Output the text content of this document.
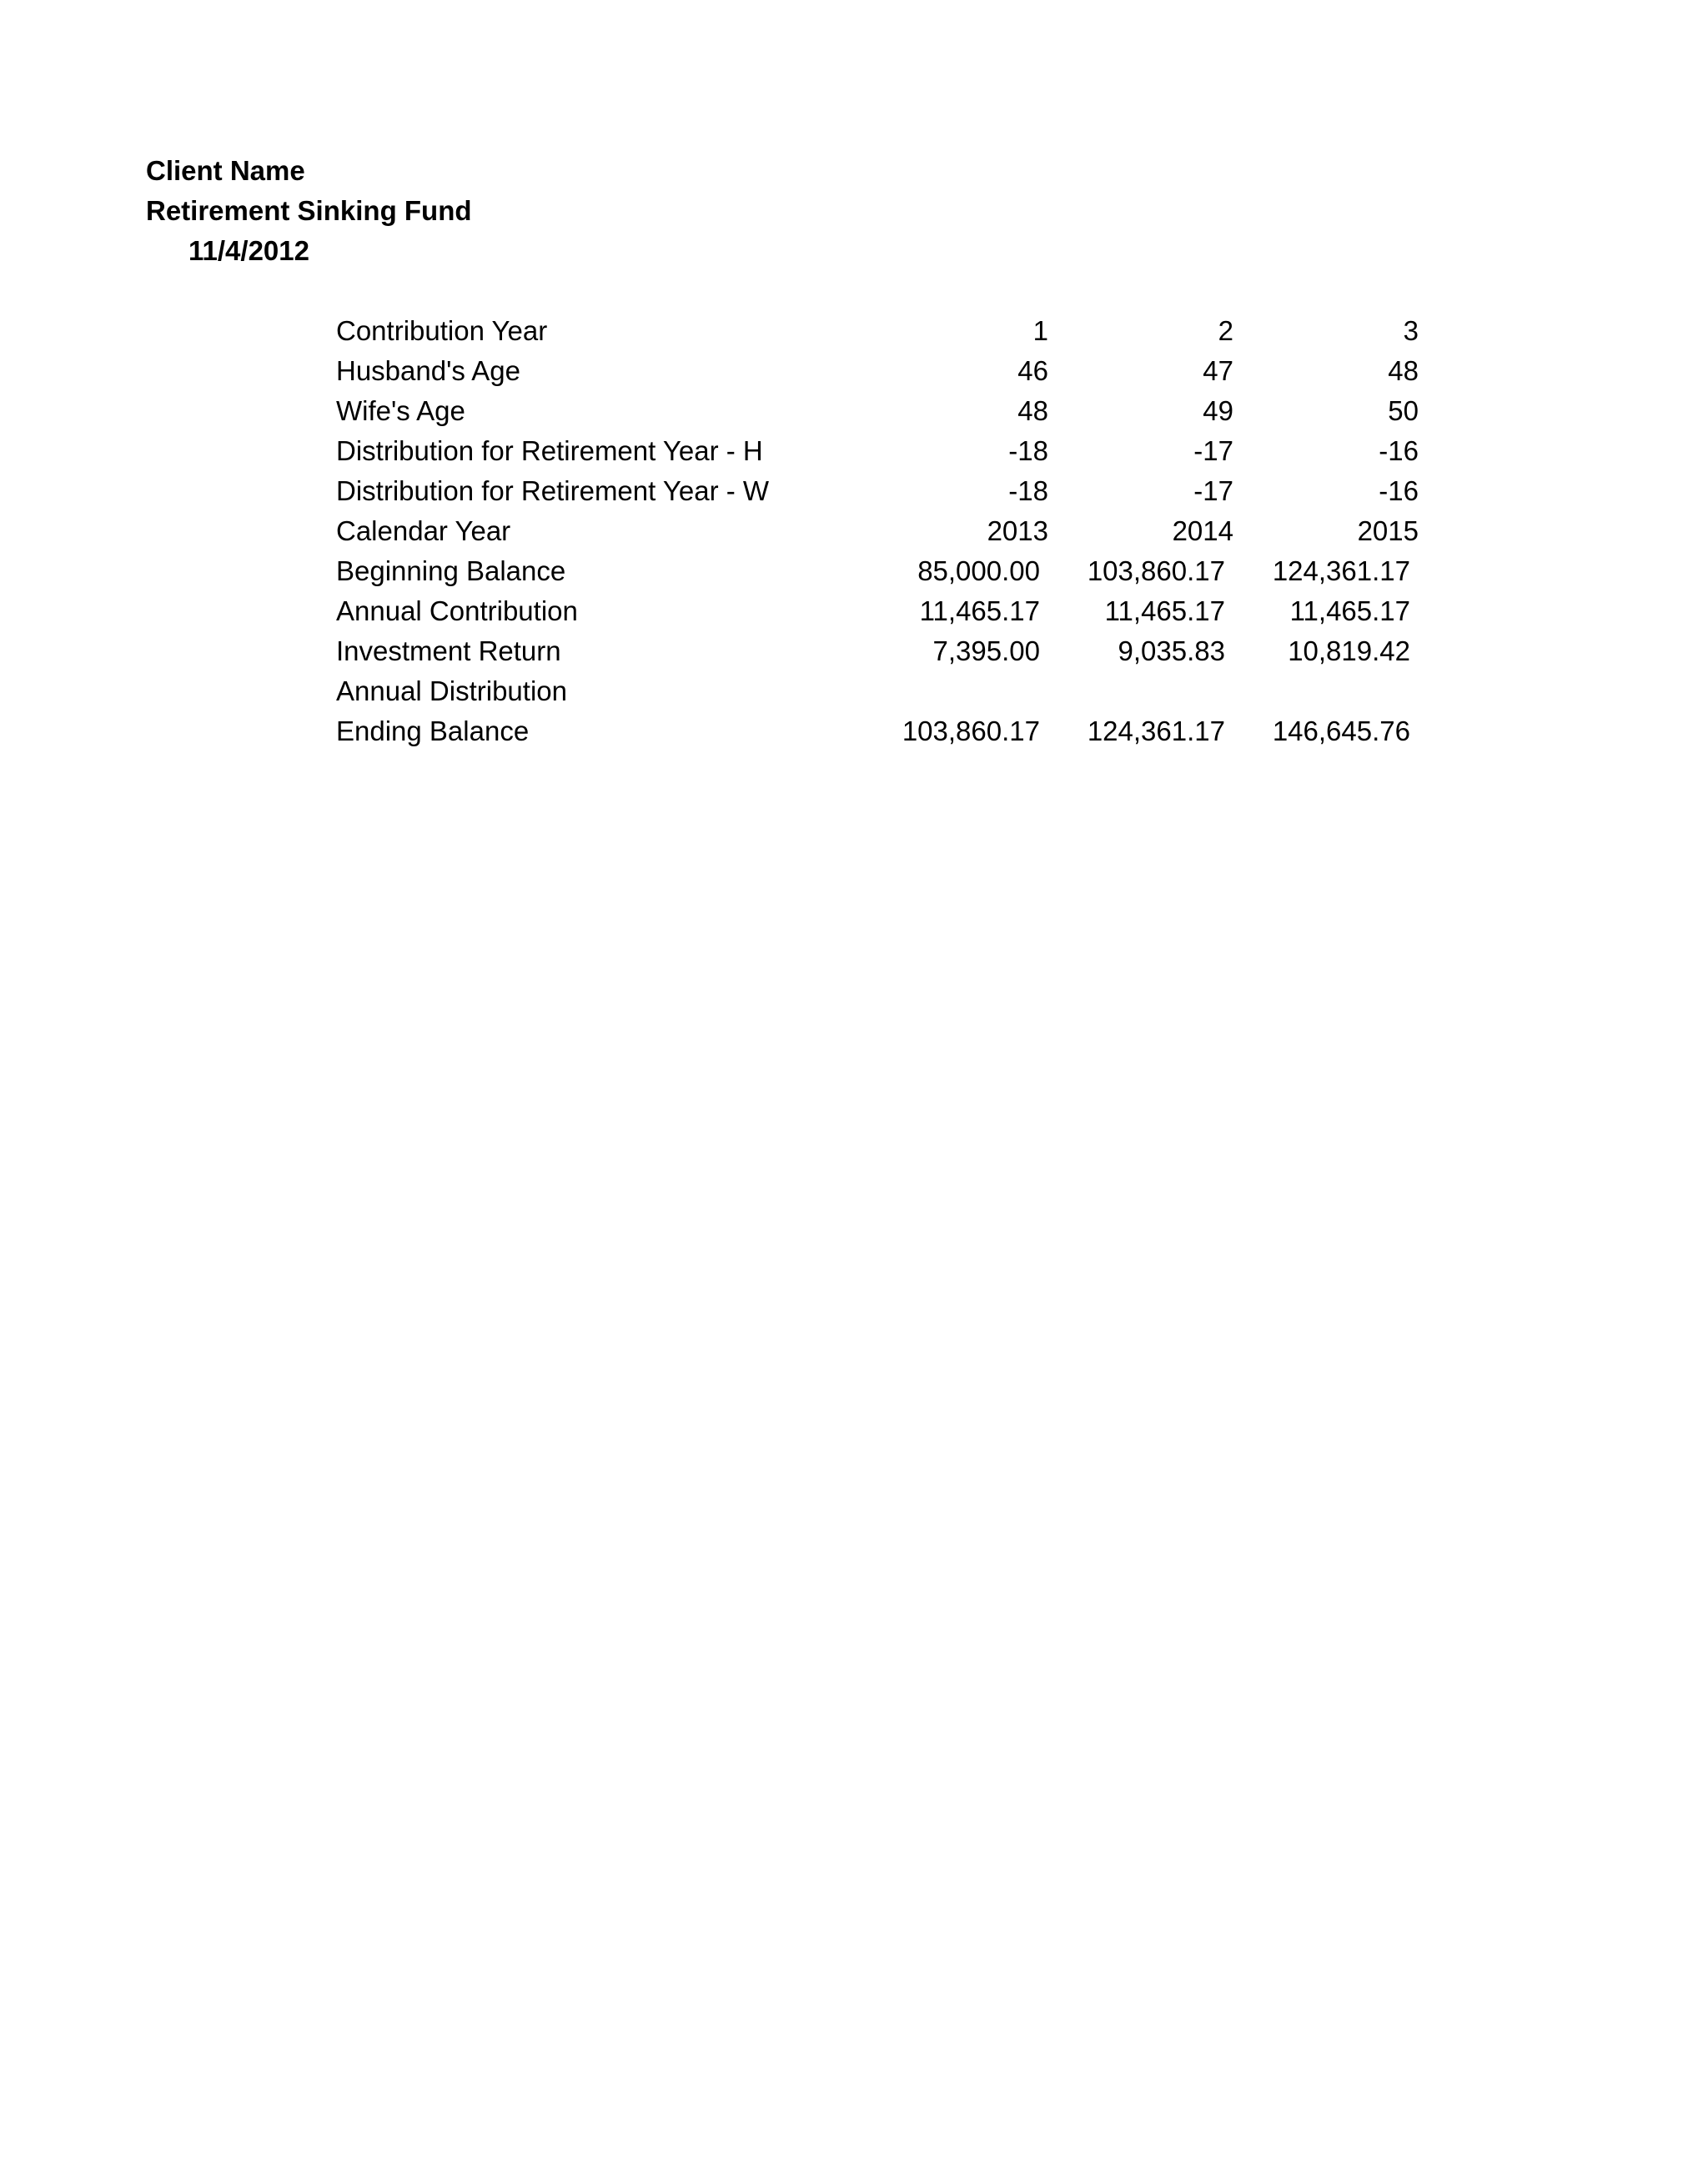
Client Name
Retirement Sinking Fund
11/4/2012
Contribution Year	1	2	3
Husband's Age	46	47	48
Wife's Age	48	49	50
Distribution for Retirement Year - H	-18	-17	-16
Distribution for Retirement Year - W	-18	-17	-16
Calendar Year	2013	2014	2015
Beginning Balance	85,000.00	103,860.17	124,361.17
Annual Contribution	11,465.17	11,465.17	11,465.17
Investment Return	7,395.00	9,035.83	10,819.42
Annual Distribution
Ending Balance	103,860.17	124,361.17	146,645.76
